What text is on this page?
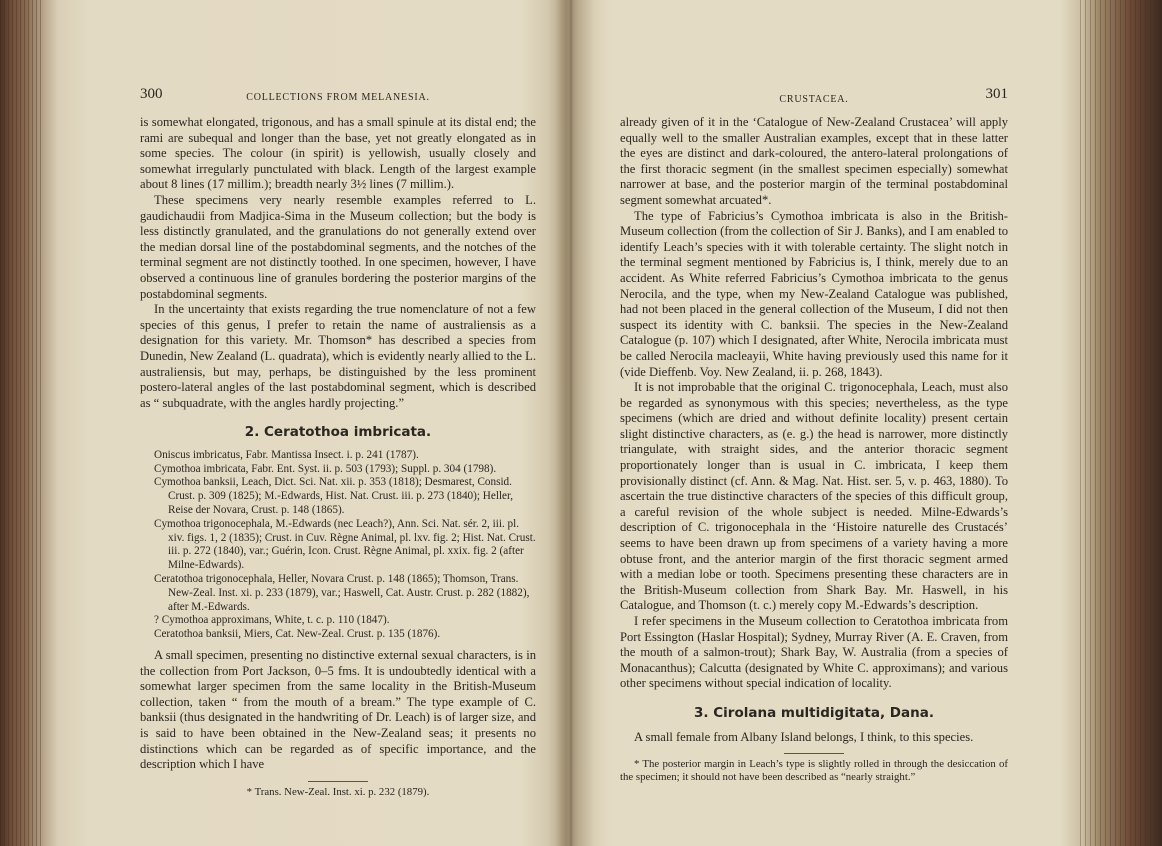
300	COLLECTIONS FROM MELANESIA.

is somewhat elongated, trigonous, and has a small spinule at its distal end; the rami are subequal and longer than the base, yet not greatly elongated as in some species. The colour (in spirit) is yellowish, usually closely and somewhat irregularly punctulated with black. Length of the largest example about 8 lines (17 millim.); breadth nearly 3½ lines (7 millim.).

These specimens very nearly resemble examples referred to L. gaudichaudii from Madjica-Sima in the Museum collection; but the body is less distinctly granulated, and the granulations do not generally extend over the median dorsal line of the postabdominal segments, and the notches of the terminal segment are not distinctly toothed. In one specimen, however, I have observed a continuous line of granules bordering the posterior margins of the postabdominal segments.

In the uncertainty that exists regarding the true nomenclature of not a few species of this genus, I prefer to retain the name of australiensis as a designation for this variety. Mr. Thomson* has described a species from Dunedin, New Zealand (L. quadrata), which is evidently nearly allied to the L. australiensis, but may, perhaps, be distinguished by the less prominent postero-lateral angles of the last postabdominal segment, which is described as “ subquadrate, with the angles hardly projecting.”

2. Ceratothoa imbricata.
Oniscus imbricatus, Fabr. Mantissa Insect. i. p. 241 (1787).
Cymothoa imbricata, Fabr. Ent. Syst. ii. p. 503 (1793); Suppl. p. 304 (1798).
Cymothoa banksii, Leach, Dict. Sci. Nat. xii. p. 353 (1818); Desmarest, Consid. Crust. p. 309 (1825); M.-Edwards, Hist. Nat. Crust. iii. p. 273 (1840); Heller, Reise der Novara, Crust. p. 148 (1865).
Cymothoa trigonocephala, M.-Edwards (nec Leach?), Ann. Sci. Nat. sér. 2, iii. pl. xiv. figs. 1, 2 (1835); Crust. in Cuv. Règne Animal, pl. lxv. fig. 2; Hist. Nat. Crust. iii. p. 272 (1840), var.; Guérin, Icon. Crust. Règne Animal, pl. xxix. fig. 2 (after Milne-Edwards).
Ceratothoa trigonocephala, Heller, Novara Crust. p. 148 (1865); Thomson, Trans. New-Zeal. Inst. xi. p. 233 (1879), var.; Haswell, Cat. Austr. Crust. p. 282 (1882), after M.-Edwards.
? Cymothoa approximans, White, t. c. p. 110 (1847).
Ceratothoa banksii, Miers, Cat. New-Zeal. Crust. p. 135 (1876).

A small specimen, presenting no distinctive external sexual characters, is in the collection from Port Jackson, 0–5 fms. It is undoubtedly identical with a somewhat larger specimen from the same locality in the British-Museum collection, taken “ from the mouth of a bream.” The type example of C. banksii (thus designated in the handwriting of Dr. Leach) is of larger size, and is said to have been obtained in the New-Zealand seas; it presents no distinctions which can be regarded as of specific importance, and the description which I have

* Trans. New-Zeal. Inst. xi. p. 232 (1879).

CRUSTACEA.	301

already given of it in the ‘Catalogue of New-Zealand Crustacea’ will apply equally well to the smaller Australian examples, except that in these latter the eyes are distinct and dark-coloured, the antero-lateral prolongations of the first thoracic segment (in the smallest specimen especially) somewhat narrower at base, and the posterior margin of the terminal postabdominal segment somewhat arcuated*.

The type of Fabricius’s Cymothoa imbricata is also in the British-Museum collection (from the collection of Sir J. Banks), and I am enabled to identify Leach’s species with it with tolerable certainty. The slight notch in the terminal segment mentioned by Fabricius is, I think, merely due to an accident. As White referred Fabricius’s Cymothoa imbricata to the genus Nerocila, and the type, when my New-Zealand Catalogue was published, had not been placed in the general collection of the Museum, I did not then suspect its identity with C. banksii. The species in the New-Zealand Catalogue (p. 107) which I designated, after White, Nerocila imbricata must be called Nerocila macleayii, White having previously used this name for it (vide Dieffenb. Voy. New Zealand, ii. p. 268, 1843).

It is not improbable that the original C. trigonocephala, Leach, must also be regarded as synonymous with this species; nevertheless, as the type specimens (which are dried and without definite locality) present certain slight distinctive characters, as (e. g.) the head is narrower, more distinctly triangulate, with straight sides, and the anterior thoracic segment proportionately longer than is usual in C. imbricata, I keep them provisionally distinct (cf. Ann. & Mag. Nat. Hist. ser. 5, v. p. 463, 1880). To ascertain the true distinctive characters of the species of this difficult group, a careful revision of the whole subject is needed. Milne-Edwards’s description of C. trigonocephala in the ‘Histoire naturelle des Crustacés’ seems to have been drawn up from specimens of a variety having a more obtuse front, and the anterior margin of the first thoracic segment armed with a median lobe or tooth. Specimens presenting these characters are in the British-Museum collection from Shark Bay. Mr. Haswell, in his Catalogue, and Thomson (t. c.) merely copy M.-Edwards’s description.

I refer specimens in the Museum collection to Ceratothoa imbricata from Port Essington (Haslar Hospital); Sydney, Murray River (A. E. Craven, from the mouth of a salmon-trout); Shark Bay, W. Australia (from a species of Monacanthus); Calcutta (designated by White C. approximans); and various other specimens without special indication of locality.

3. Cirolana multidigitata, Dana.

A small female from Albany Island belongs, I think, to this species.

* The posterior margin in Leach’s type is slightly rolled in through the desiccation of the specimen; it should not have been described as “nearly straight.”
